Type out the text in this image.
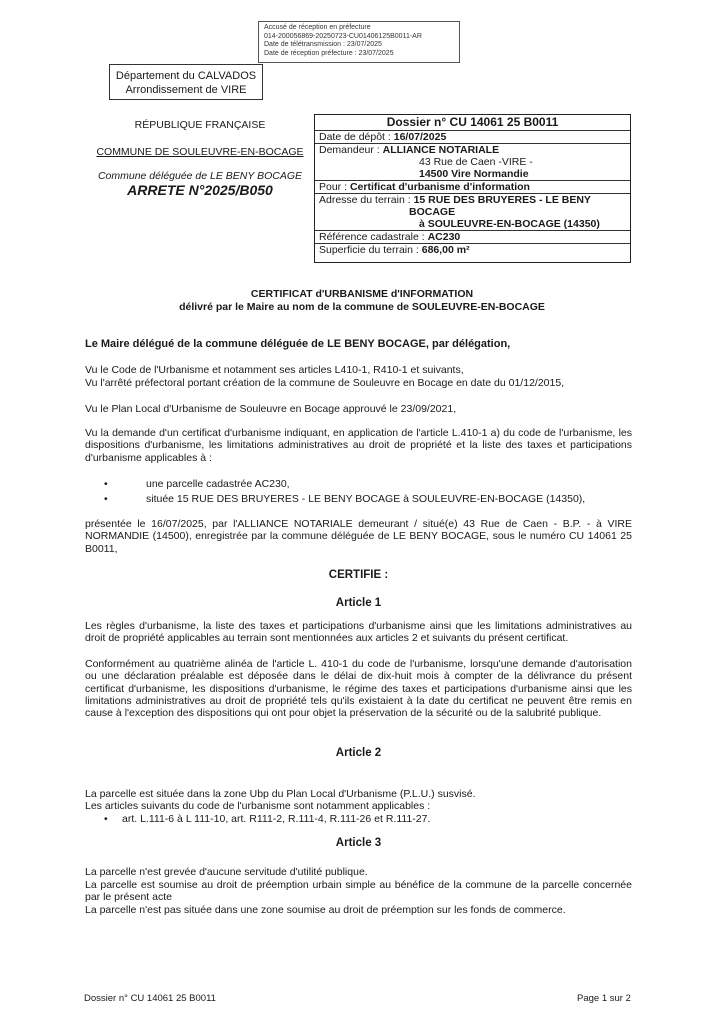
Accusé de réception en préfecture
014-200056869-20250723-CU01406125B0011-AR
Date de télétransmission : 23/07/2025
Date de réception préfecture : 23/07/2025
Département du CALVADOS
Arrondissement de VIRE
RÉPUBLIQUE FRANÇAISE
COMMUNE DE SOULEUVRE-EN-BOCAGE
Commune déléguée de LE BENY BOCAGE
ARRETE N°2025/B050
Dossier n° CU 14061 25 B0011
Date de dépôt : 16/07/2025
Demandeur : ALLIANCE NOTARIALE
43 Rue de Caen -VIRE -
14500 Vire Normandie
Pour : Certificat d'urbanisme d'information
Adresse du terrain : 15 RUE DES BRUYERES - LE BENY
BOCAGE
à SOULEUVRE-EN-BOCAGE (14350)
Référence cadastrale : AC230
Superficie du terrain : 686,00 m²
CERTIFICAT d'URBANISME d'INFORMATION
délivré par le Maire au nom de la commune de SOULEUVRE-EN-BOCAGE
Le Maire délégué de la commune déléguée de LE BENY BOCAGE, par délégation,
Vu le Code de l'Urbanisme et notamment ses articles L410-1, R410-1 et suivants,
Vu l'arrêté préfectoral portant création de la commune de Souleuvre en Bocage en date du 01/12/2015,
Vu le Plan Local d'Urbanisme de Souleuvre en Bocage approuvé le 23/09/2021,
Vu la demande d'un certificat d'urbanisme indiquant, en application de l'article L.410-1 a) du code de l'urbanisme, les dispositions d'urbanisme, les limitations administratives au droit de propriété et la liste des taxes et participations d'urbanisme applicables à :
•	une parcelle cadastrée AC230,
•	située 15 RUE DES BRUYERES - LE BENY BOCAGE à SOULEUVRE-EN-BOCAGE (14350),
présentée le 16/07/2025, par l'ALLIANCE NOTARIALE demeurant / situé(e) 43 Rue de Caen - B.P. - à VIRE NORMANDIE (14500), enregistrée par la commune déléguée de LE BENY BOCAGE, sous le numéro CU 14061 25 B0011,
CERTIFIE :
Article 1
Les règles d'urbanisme, la liste des taxes et participations d'urbanisme ainsi que les limitations administratives au droit de propriété applicables au terrain sont mentionnées aux articles 2 et suivants du présent certificat.
Conformément au quatrième alinéa de l'article L. 410-1 du code de l'urbanisme, lorsqu'une demande d'autorisation ou une déclaration préalable est déposée dans le délai de dix-huit mois à compter de la délivrance du présent certificat d'urbanisme, les dispositions d'urbanisme, le régime des taxes et participations d'urbanisme ainsi que les limitations administratives au droit de propriété tels qu'ils existaient à la date du certificat ne peuvent être remis en cause à l'exception des dispositions qui ont pour objet la préservation de la sécurité ou de la salubrité publique.
Article 2
La parcelle est située dans la zone Ubp du Plan Local d'Urbanisme (P.L.U.) susvisé.
Les articles suivants du code de l'urbanisme sont notamment applicables :
• art. L.111-6 à L 111-10, art. R111-2, R.111-4, R.111-26 et R.111-27.
Article 3
La parcelle n'est grevée d'aucune servitude d'utilité publique.
La parcelle est soumise au droit de préemption urbain simple au bénéfice de la commune de la parcelle concernée par le présent acte
La parcelle n'est pas située dans une zone soumise au droit de préemption sur les fonds de commerce.
Dossier n° CU 14061 25 B0011	Page 1 sur 2
